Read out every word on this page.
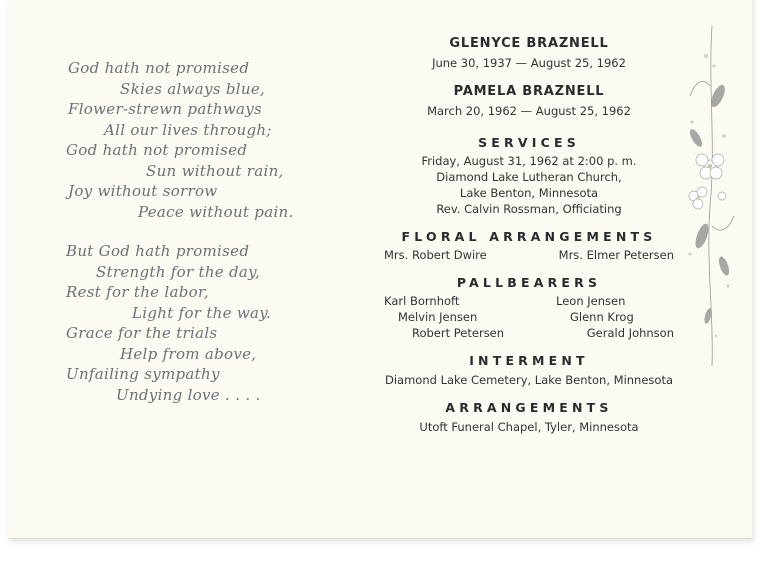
God hath not promised
Skies always blue,
Flower-strewn pathways
All our lives through;
God hath not promised
Sun without rain,
Joy without sorrow
Peace without pain.
But God hath promised
Strength for the day,
Rest for the labor,
Light for the way.
Grace for the trials
Help from above,
Unfailing sympathy
Undying love . . . .
GLENYCE BRAZNELL
June 30, 1937 — August 25, 1962
PAMELA BRAZNELL
March 20, 1962 — August 25, 1962
SERVICES
Friday, August 31, 1962 at 2:00 p. m.
Diamond Lake Lutheran Church,
Lake Benton, Minnesota
Rev. Calvin Rossman, Officiating
FLORAL ARRANGEMENTS
Mrs. Robert Dwire	Mrs. Elmer Petersen
PALLBEARERS
Karl Bornhoft	Leon Jensen
Melvin Jensen	Glenn Krog
Robert Petersen	Gerald Johnson
INTERMENT
Diamond Lake Cemetery, Lake Benton, Minnesota
ARRANGEMENTS
Utoft Funeral Chapel, Tyler, Minnesota
